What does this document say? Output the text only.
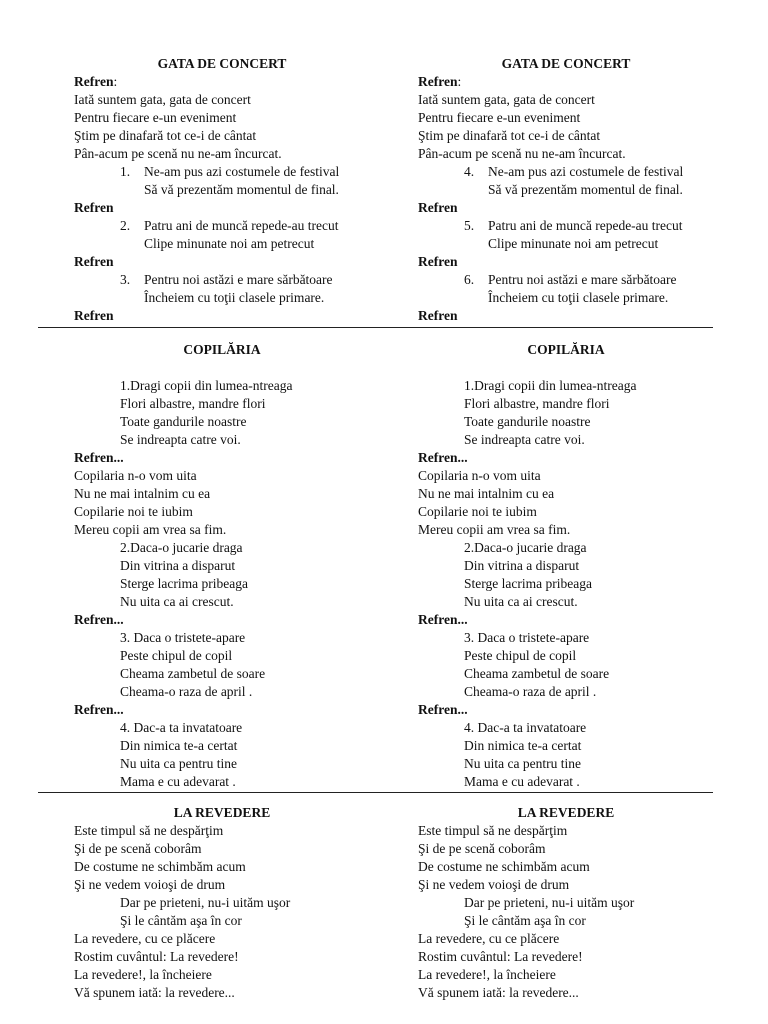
GATA DE CONCERT
Refren:
Iată suntem gata, gata de concert
Pentru fiecare e-un eveniment
Ştim pe dinafară tot ce-i de cântat
Pân-acum pe scenă nu ne-am încurcat.
1. Ne-am pus azi costumele de festival
Să vă prezentăm momentul de final.
Refren
2. Patru ani de muncă repede-au trecut
Clipe minunate noi am petrecut
Refren
3. Pentru noi astăzi e mare sărbătoare
Încheiem cu toţii clasele primare.
Refren
COPILĂRIA
1.Dragi copii din lumea-ntreaga
Flori albastre, mandre flori
Toate gandurile noastre
Se indreapta catre voi.
Refren...
Copilaria n-o vom uita
Nu ne mai intalnim cu ea
Copilarie noi te iubim
Mereu copii am vrea sa fim.
2.Daca-o jucarie draga
Din vitrina a disparut
Sterge lacrima pribeaga
Nu uita ca ai crescut.
Refren...
3. Daca o tristete-apare
Peste chipul de copil
Cheama zambetul de soare
Cheama-o raza de april .
Refren...
4. Dac-a ta invatatoare
Din nimica te-a certat
Nu uita ca pentru tine
Mama e cu adevarat .
LA REVEDERE
Este timpul să ne despărţim
Şi de pe scenă coborâm
De costume ne schimbăm acum
Şi ne vedem voioşi de drum
Dar pe prieteni, nu-i uităm uşor
Şi le cântăm aşa în cor
La revedere, cu ce plăcere
Rostim cuvântul: La revedere!
La revedere!, la încheiere
Vă spunem iată: la revedere...
GATA DE CONCERT
Refren:
Iată suntem gata, gata de concert
Pentru fiecare e-un eveniment
Ştim pe dinafară tot ce-i de cântat
Pân-acum pe scenă nu ne-am încurcat.
4. Ne-am pus azi costumele de festival
Să vă prezentăm momentul de final.
Refren
5. Patru ani de muncă repede-au trecut
Clipe minunate noi am petrecut
Refren
6. Pentru noi astăzi e mare sărbătoare
Încheiem cu toţii clasele primare.
Refren
COPILĂRIA
1.Dragi copii din lumea-ntreaga
Flori albastre, mandre flori
Toate gandurile noastre
Se indreapta catre voi.
Refren...
Copilaria n-o vom uita
Nu ne mai intalnim cu ea
Copilarie noi te iubim
Mereu copii am vrea sa fim.
2.Daca-o jucarie draga
Din vitrina a disparut
Sterge lacrima pribeaga
Nu uita ca ai crescut.
Refren...
3. Daca o tristete-apare
Peste chipul de copil
Cheama zambetul de soare
Cheama-o raza de april .
Refren...
4. Dac-a ta invatatoare
Din nimica te-a certat
Nu uita ca pentru tine
Mama e cu adevarat .
LA REVEDERE
Este timpul să ne despărţim
Şi de pe scenă coborâm
De costume ne schimbăm acum
Şi ne vedem voioşi de drum
Dar pe prieteni, nu-i uităm uşor
Şi le cântăm aşa în cor
La revedere, cu ce plăcere
Rostim cuvântul: La revedere!
La revedere!, la încheiere
Vă spunem iată: la revedere...
